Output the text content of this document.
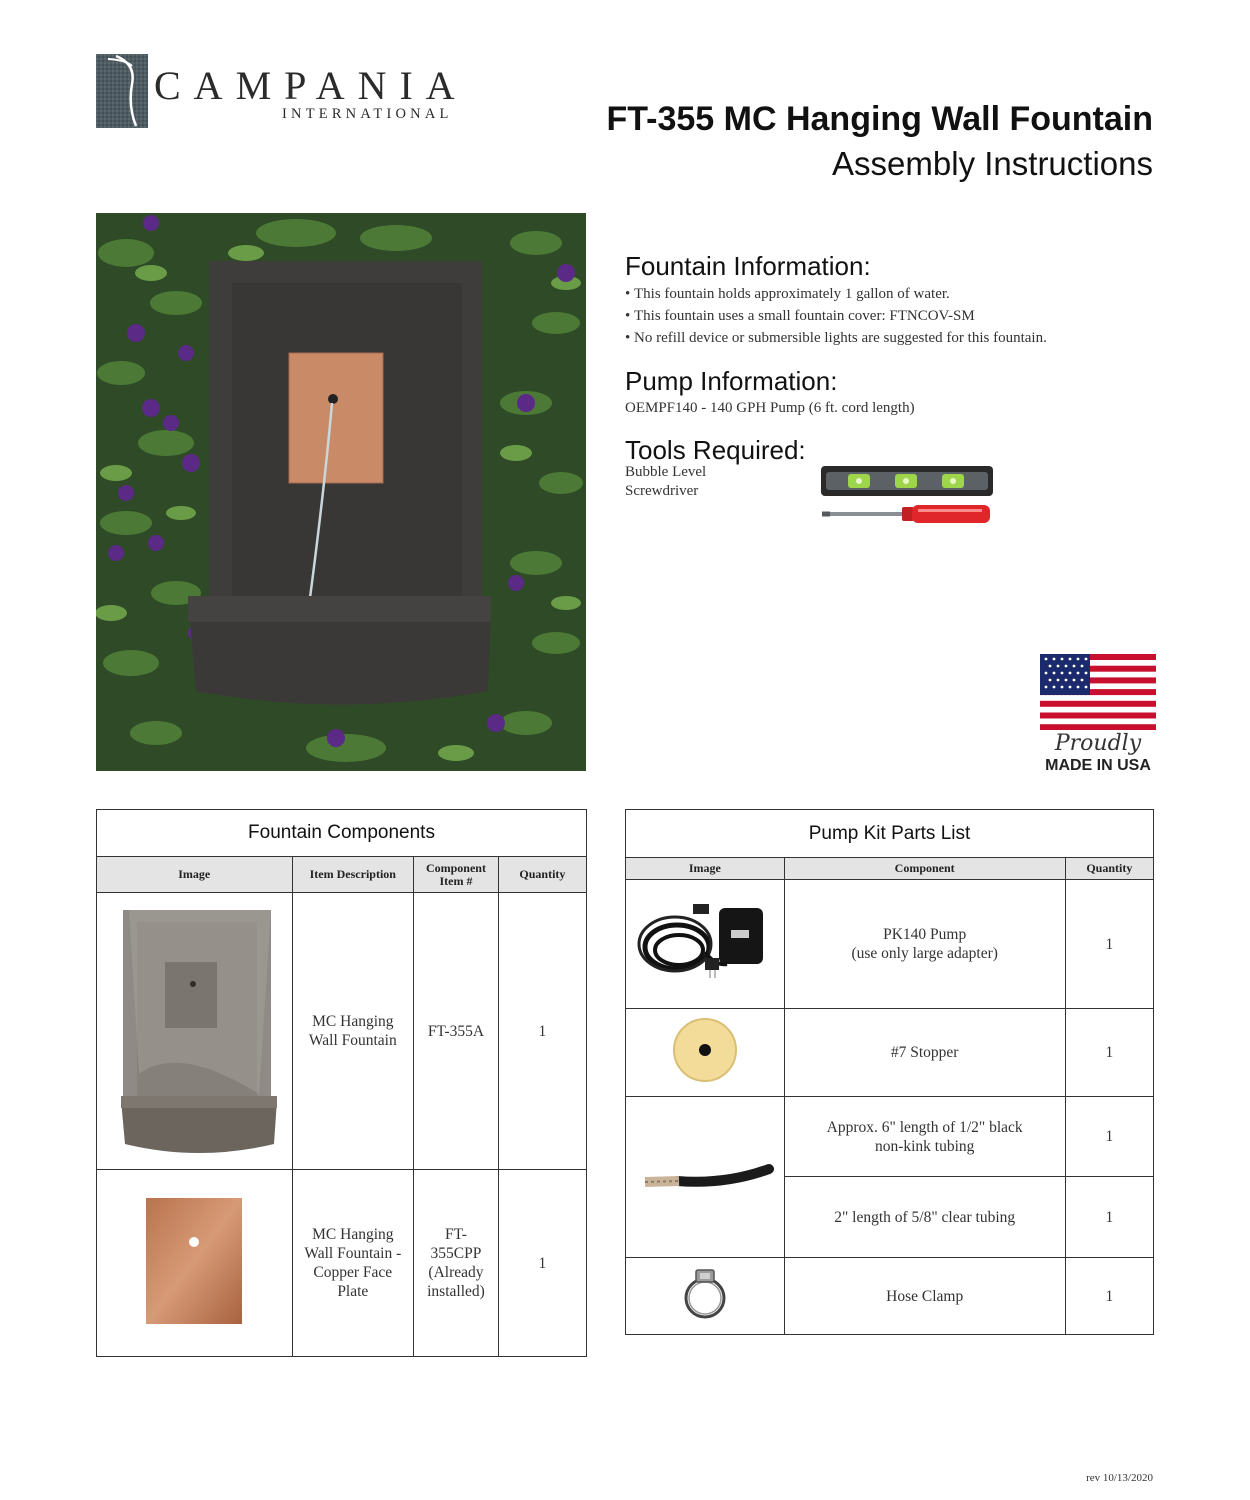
CAMPANIA
INTERNATIONAL	FT-355 MC Hanging Wall Fountain
Assembly Instructions
Fountain Information:
• This fountain holds approximately 1 gallon of water.
• This fountain uses a small fountain cover: FTNCOV-SM
• No refill device or submersible lights are suggested for this fountain.
Pump Information:
OEMPF140 - 140 GPH Pump (6 ft. cord length)
Tools Required:
Bubble Level
Screwdriver
Proudly
MADE IN USA
Fountain Components			
Image	Item Description	Component Item #	Quantity
	MC Hanging Wall Fountain	FT-355A	1
	MC Hanging Wall Fountain - Copper Face Plate	FT-355CPP (Already installed)	1
Pump Kit Parts List		
Image	Component	Quantity

PK140 Pump
(use only large adapter)	1
	#7 Stopper	1
	Approx. 6" length of 1/2" black non-kink tubing	1
	2" length of 5/8" clear tubing	1
	Hose Clamp	1
rev 10/13/2020
